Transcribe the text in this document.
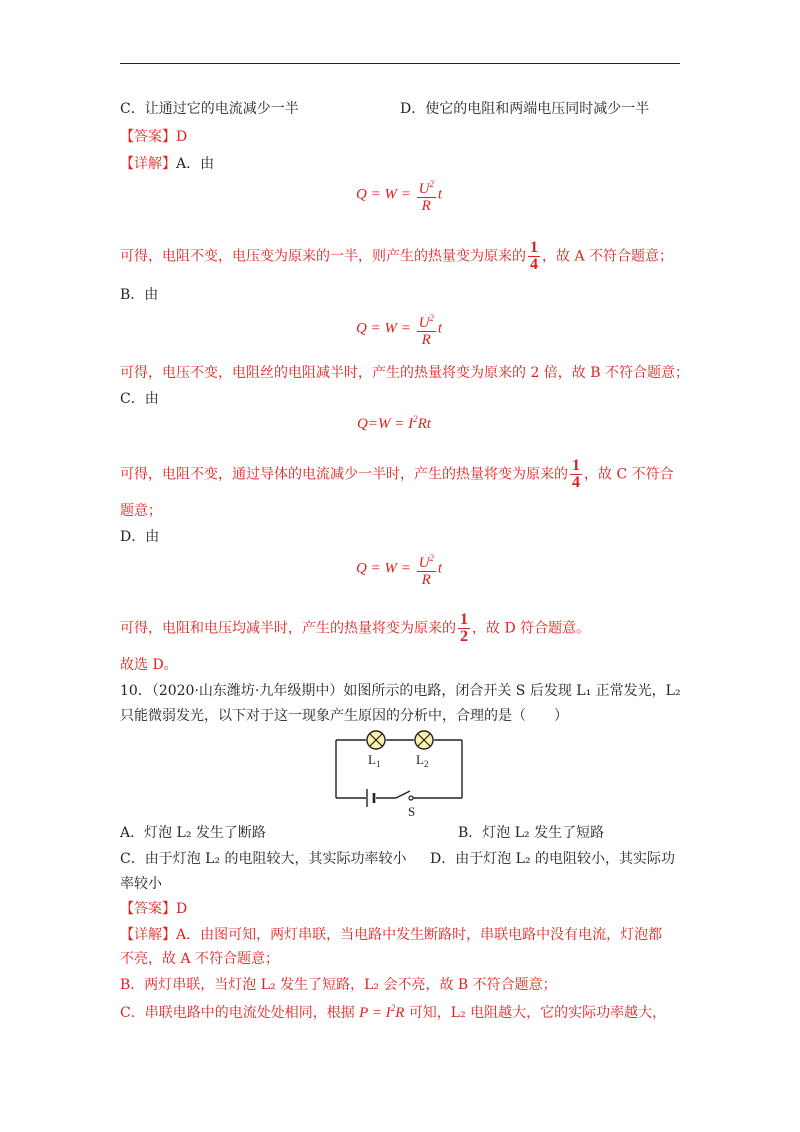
C．让通过它的电流减少一半	D．使它的电阻和两端电压同时减少一半
【答案】D
【详解】A．由
$Q = W = \frac{U^2}{R}$ t
可得，电阻不变，电压变为原来的一半，则产生的热量变为原来的 $\frac{1}{4}$ ，故 A 不符合题意；
B．由
$Q = W = \frac{U^2}{R}$ t
可得，电压不变，电阻丝的电阻减半时，产生的热量将变为原来的 2 倍，故 B 不符合题意；
C．由
$Q=W = I^2Rt$
可得，电阻不变，通过导体的电流减少一半时，产生的热量将变为原来的 $\frac{1}{4}$ ，故 C 不符合
题意；
D．由
$Q = W = \frac{U^2}{R}$ t
可得，电阻和电压均减半时，产生的热量将变为原来的 $\frac{1}{2}$ ，故 D 符合题意。
故选 D。
10．（2020·山东潍坊·九年级期中）如图所示的电路，闭合开关 S 后发现 L₁ 正常发光，L₂
只能微弱发光，以下对于这一现象产生原因的分析中，合理的是（　　）
$L_1$	$L_2$
S
A．灯泡 L₂ 发生了断路	B．灯泡 L₂ 发生了短路
C．由于灯泡 L₂ 的电阻较大，其实际功率较小 D．由于灯泡 L₂ 的电阻较小，其实际功
率较小
【答案】D
【详解】A．由图可知，两灯串联，当电路中发生断路时，串联电路中没有电流，灯泡都
不亮，故 A 不符合题意；
B．两灯串联，当灯泡 L₂ 发生了短路，L₂ 会不亮，故 B 不符合题意；
C．串联电路中的电流处处相同，根据 $P = I^2R$ 可知，L₂ 电阻越大，它的实际功率越大，
